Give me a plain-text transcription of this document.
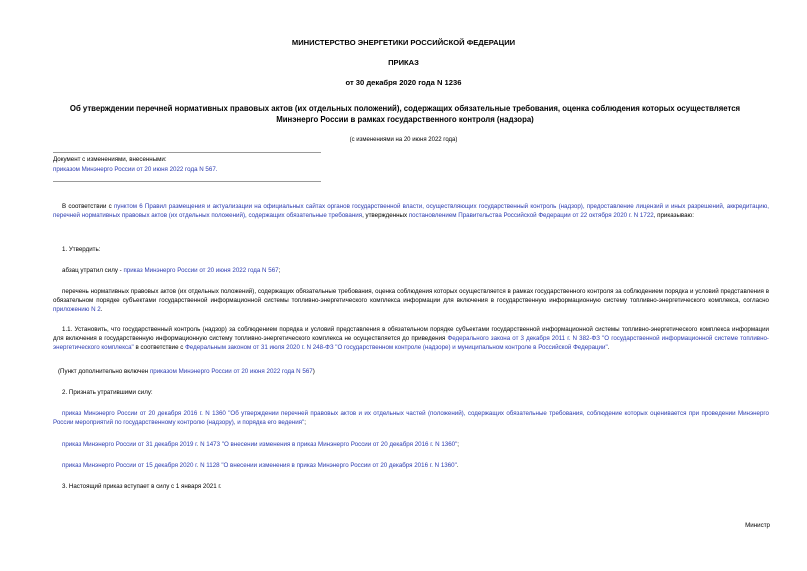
МИНИСТЕРСТВО ЭНЕРГЕТИКИ РОССИЙСКОЙ ФЕДЕРАЦИИ
ПРИКАЗ
от 30 декабря 2020 года N 1236
Об утверждении перечней нормативных правовых актов (их отдельных положений), содержащих обязательные требования, оценка соблюдения которых осуществляется Минэнерго России в рамках государственного контроля (надзора)
(с изменениями на 20 июня 2022 года)
Документ с изменениями, внесенными:
приказом Минэнерго России от 20 июня 2022 года N 567.
В соответствии с пунктом 6 Правил размещения и актуализации на официальных сайтах органов государственной власти, осуществляющих государственный контроль (надзор), предоставление лицензий и иных разрешений, аккредитацию, перечней нормативных правовых актов (их отдельных положений), содержащих обязательные требования, утвержденных постановлением Правительства Российской Федерации от 22 октября 2020 г. N 1722, приказываю:
1. Утвердить:
абзац утратил силу - приказ Минэнерго России от 20 июня 2022 года N 567;
перечень нормативных правовых актов (их отдельных положений), содержащих обязательные требования, оценка соблюдения которых осуществляется в рамках государственного контроля за соблюдением порядка и условий представления в обязательном порядке субъектами государственной информационной системы топливно-энергетического комплекса информации для включения в государственную информационную систему топливно-энергетического комплекса, согласно приложению N 2.
1.1. Установить, что государственный контроль (надзор) за соблюдением порядка и условий представления в обязательном порядке субъектами государственной информационной системы топливно-энергетического комплекса информации для включения в государственную информационную систему топливно-энергетического комплекса не осуществляется до приведения Федерального закона от 3 декабря 2011 г. N 382-ФЗ "О государственной информационной системе топливно-энергетического комплекса" в соответствие с Федеральным законом от 31 июля 2020 г. N 248-ФЗ "О государственном контроле (надзоре) и муниципальном контроле в Российской Федерации".
(Пункт дополнительно включен приказом Минэнерго России от 20 июня 2022 года N 567)
2. Признать утратившими силу:
приказ Минэнерго России от 20 декабря 2016 г. N 1360 "Об утверждении перечней правовых актов и их отдельных частей (положений), содержащих обязательные требования, соблюдение которых оценивается при проведении Минэнерго России мероприятий по государственному контролю (надзору), и порядка его ведения";
приказ Минэнерго России от 31 декабря 2019 г. N 1473 "О внесении изменения в приказ Минэнерго России от 20 декабря 2016 г. N 1360";
приказ Минэнерго России от 15 декабря 2020 г. N 1128 "О внесении изменения в приказ Минэнерго России от 20 декабря 2016 г. N 1360".
3. Настоящий приказ вступает в силу с 1 января 2021 г.
Министр
